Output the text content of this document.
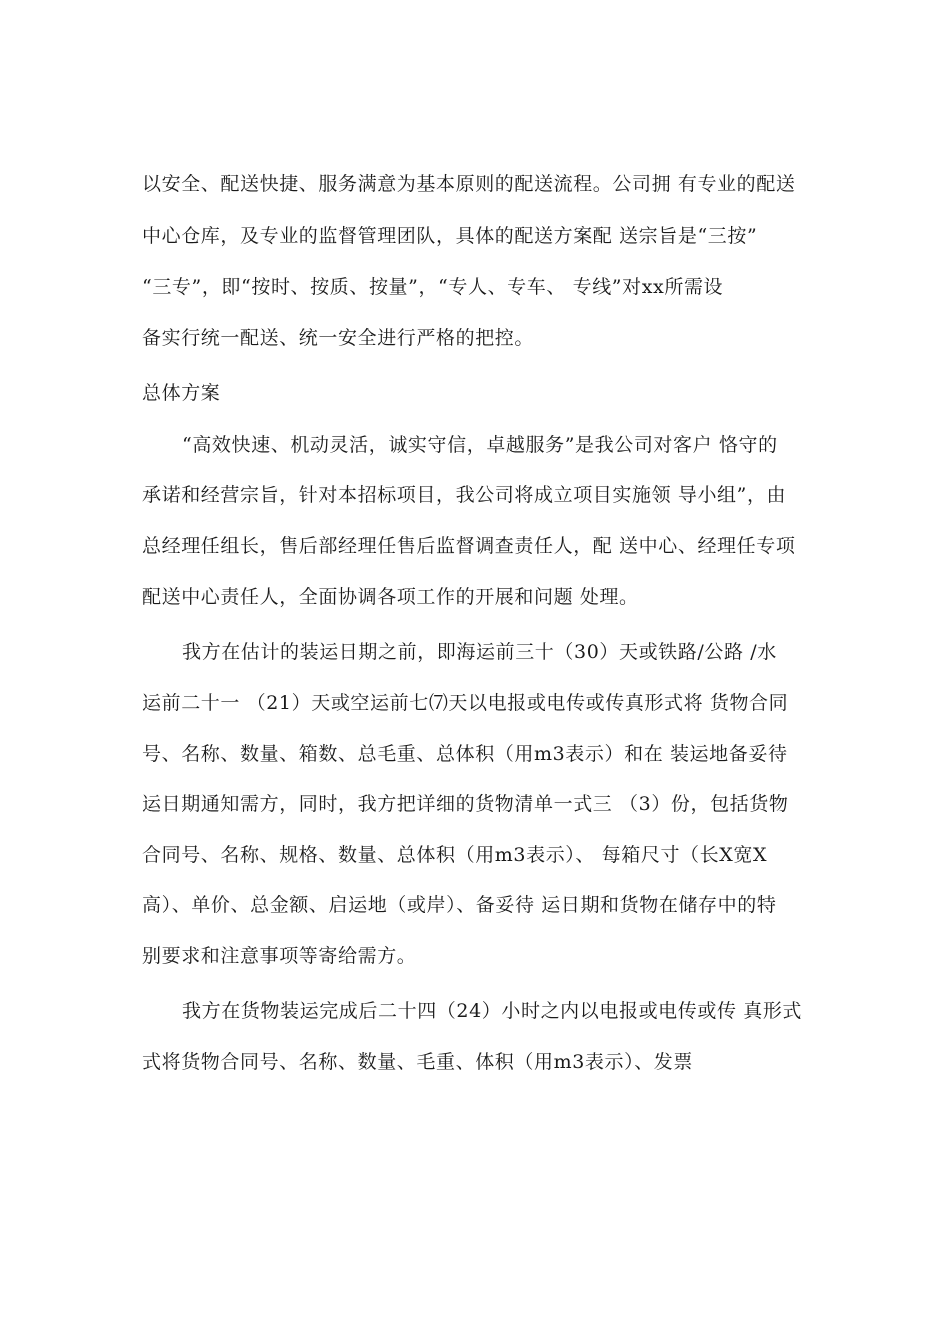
以安全、配送快捷、服务满意为基本原则的配送流程。公司拥 有专业的配送
中心仓库，及专业的监督管理团队，具体的配送方案配 送宗旨是“三按”
“三专”，即“按时、按质、按量”，“专人、专车、 专线”对xx所需设
备实行统一配送、统一安全进行严格的把控。
总体方案
“高效快速、机动灵活，诚实守信，卓越服务”是我公司对客户 恪守的
承诺和经营宗旨，针对本招标项目，我公司将成立项目实施领 导小组”，由
总经理任组长，售后部经理任售后监督调查责任人，配 送中心、经理任专项
配送中心责任人，全面协调各项工作的开展和问题 处理。
我方在估计的装运日期之前，即海运前三十（30）天或铁路/公路 /水
运前二十一 （21）天或空运前七⑺天以电报或电传或传真形式将 货物合同
号、名称、数量、箱数、总毛重、总体积（用m3表示）和在 装运地备妥待
运日期通知需方，同时，我方把详细的货物清单一式三 （3）份，包括货物
合同号、名称、规格、数量、总体积（用m3表示）、 每箱尺寸（长X宽X
高）、单价、总金额、启运地（或岸）、备妥待 运日期和货物在储存中的特
别要求和注意事项等寄给需方。
我方在货物装运完成后二十四（24）小时之内以电报或电传或传 真形式
式将货物合同号、名称、数量、毛重、体积（用m3表示）、发票
